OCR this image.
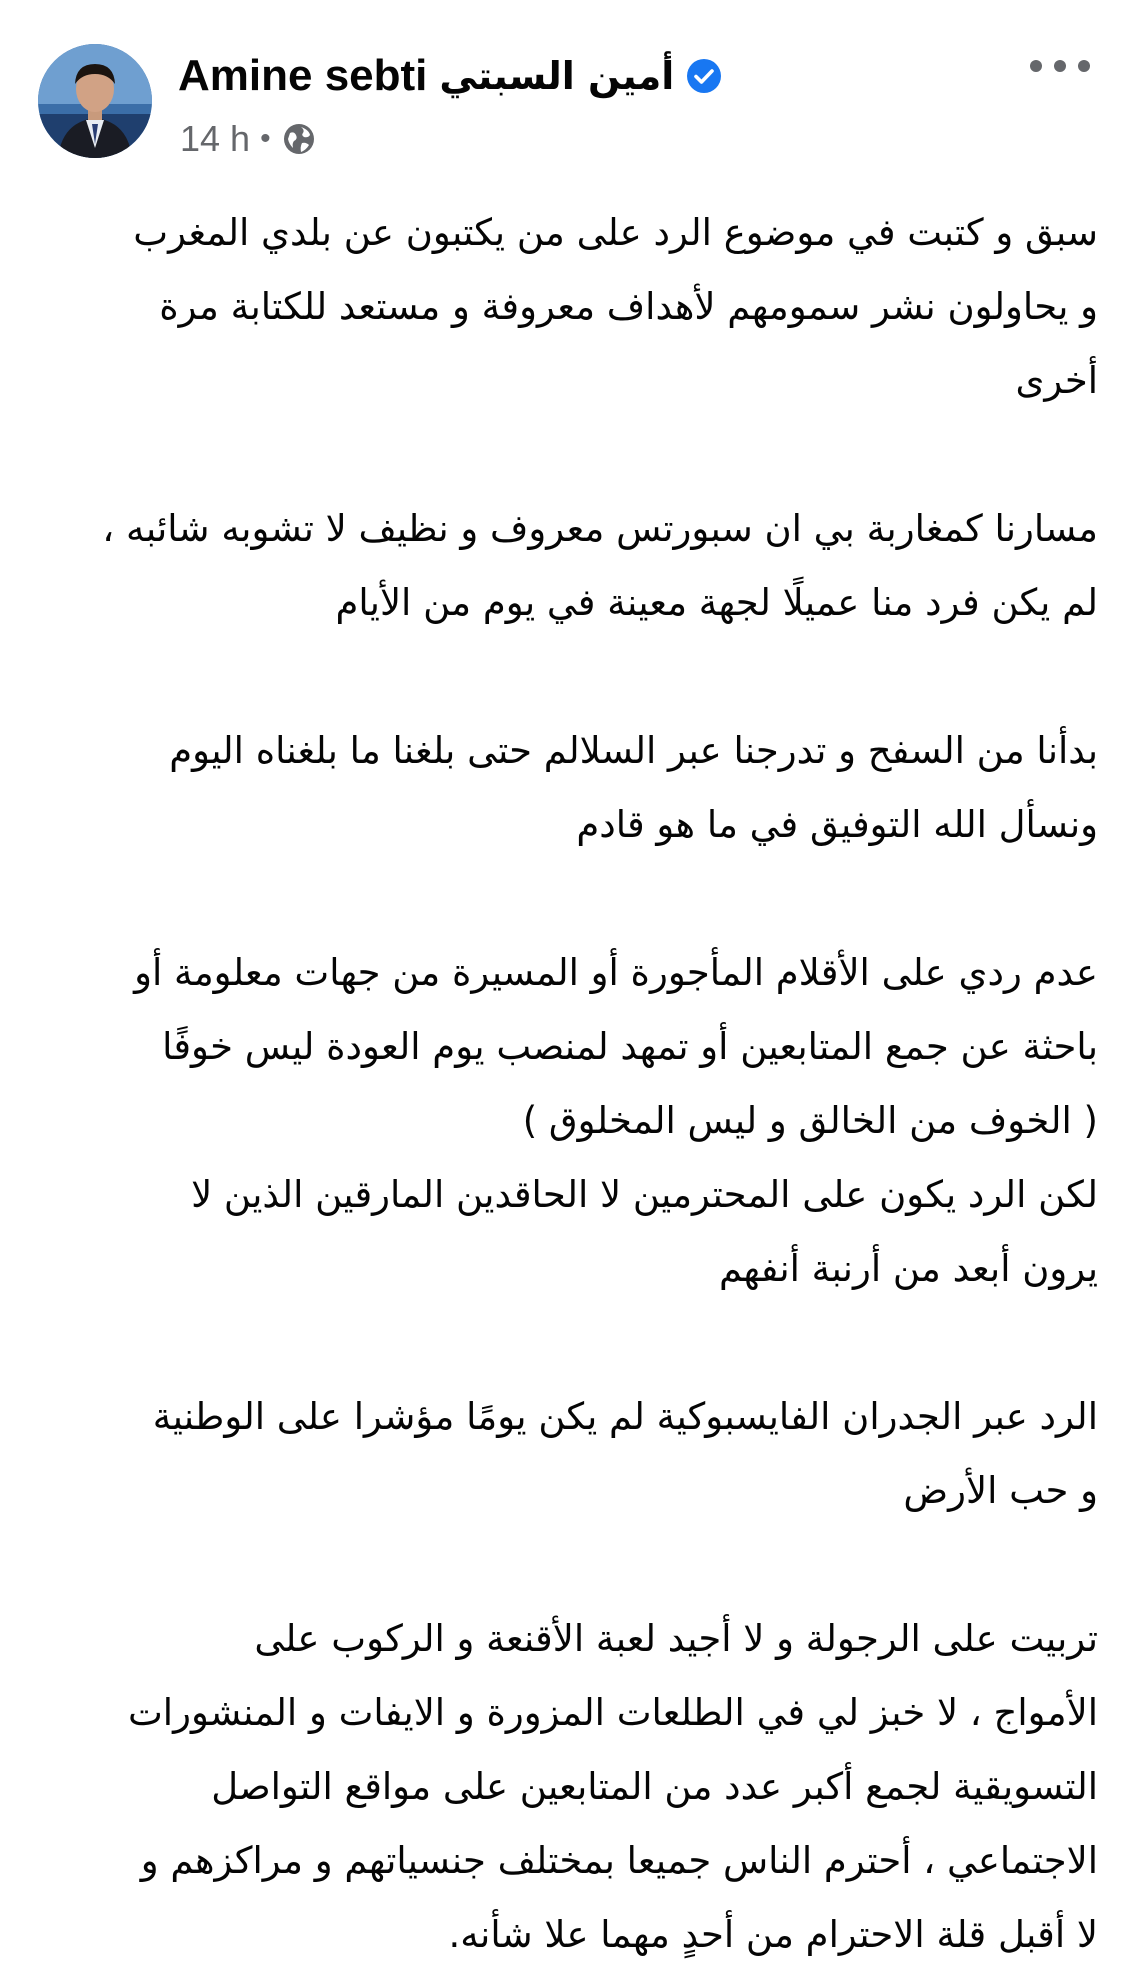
Amine sebti أمين السبتي
14 h •
سبق و كتبت في موضوع الرد على من يكتبون عن بلدي المغرب
و يحاولون نشر سمومهم لأهداف معروفة و مستعد للكتابة مرة
أخرى
مسارنا كمغاربة بي ان سبورتس معروف و نظيف لا تشوبه شائبه ،
لم يكن فرد منا عميلًا لجهة معينة في يوم من الأيام
بدأنا من السفح و تدرجنا عبر السلالم حتى بلغنا ما بلغناه اليوم
ونسأل الله التوفيق في ما هو قادم
عدم ردي على الأقلام المأجورة أو المسيرة من جهات معلومة أو
باحثة عن جمع المتابعين أو تمهد لمنصب يوم العودة ليس خوفًا
( الخوف من الخالق و ليس المخلوق )
لكن الرد يكون على المحترمين لا الحاقدين المارقين الذين لا
يرون أبعد من أرنبة أنفهم
الرد عبر الجدران الفايسبوكية لم يكن يومًا مؤشرا على الوطنية
و حب الأرض
تربيت على الرجولة و لا أجيد لعبة الأقنعة و الركوب على
الأمواج ، لا خبز لي في الطلعات المزورة و الايفات و المنشورات
التسويقية لجمع أكبر عدد من المتابعين على مواقع التواصل
الاجتماعي ، أحترم الناس جميعا بمختلف جنسياتهم و مراكزهم و
لا أقبل قلة الاحترام من أحدٍ مهما علا شأنه.
